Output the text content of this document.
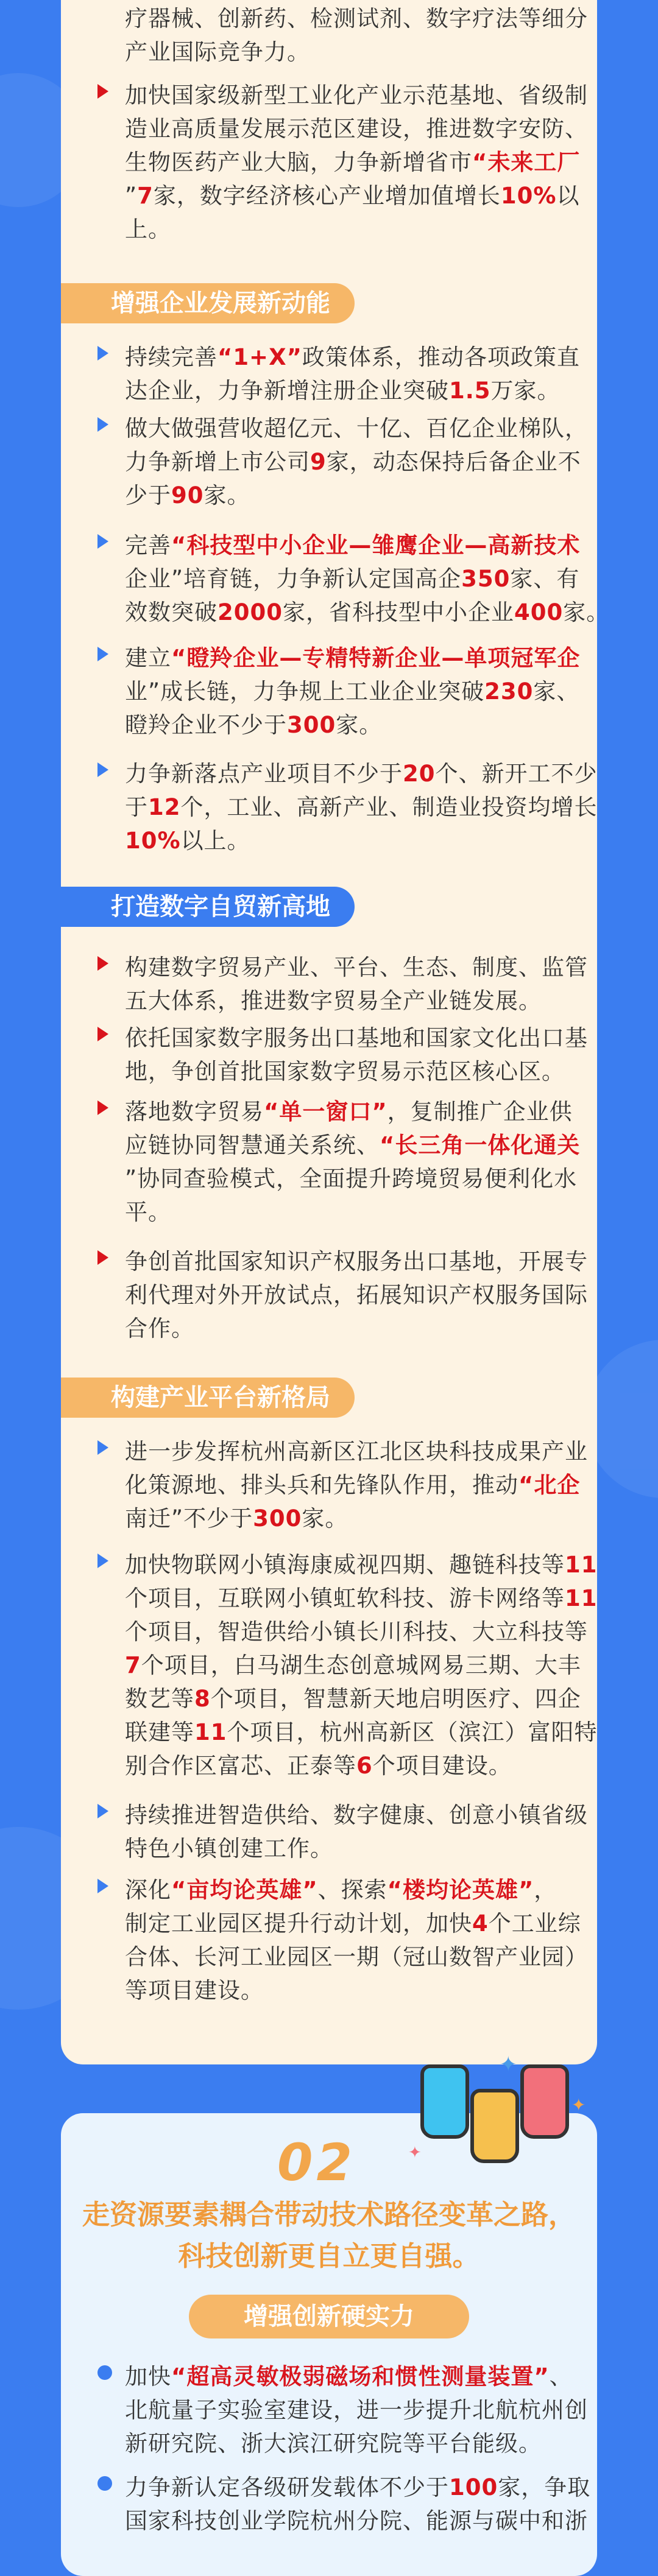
疗器械、创新药、检测试剂、数字疗法等细分
产业国际竞争力。
加快国家级新型工业化产业示范基地、省级制
造业高质量发展示范区建设，推进数字安防、
生物医药产业大脑，力争新增省市“未来工厂
”7家，数字经济核心产业增加值增长10%以
上。
增强企业发展新动能
持续完善“1+X”政策体系，推动各项政策直
达企业，力争新增注册企业突破1.5万家。
做大做强营收超亿元、十亿、百亿企业梯队，
力争新增上市公司9家，动态保持后备企业不
少于90家。
完善“科技型中小企业—雏鹰企业—高新技术
企业”培育链，力争新认定国高企350家、有
效数突破2000家，省科技型中小企业400家。
建立“瞪羚企业—专精特新企业—单项冠军企
业”成长链，力争规上工业企业突破230家、
瞪羚企业不少于300家。
力争新落点产业项目不少于20个、新开工不少
于12个，工业、高新产业、制造业投资均增长
10%以上。
打造数字自贸新高地
构建数字贸易产业、平台、生态、制度、监管
五大体系，推进数字贸易全产业链发展。
依托国家数字服务出口基地和国家文化出口基
地，争创首批国家数字贸易示范区核心区。
落地数字贸易“单一窗口”，复制推广企业供
应链协同智慧通关系统、“长三角一体化通关
”协同查验模式，全面提升跨境贸易便利化水
平。
争创首批国家知识产权服务出口基地，开展专
利代理对外开放试点，拓展知识产权服务国际
合作。
构建产业平台新格局
进一步发挥杭州高新区江北区块科技成果产业
化策源地、排头兵和先锋队作用，推动“北企
南迁”不少于300家。
加快物联网小镇海康威视四期、趣链科技等11
个项目，互联网小镇虹软科技、游卡网络等11
个项目，智造供给小镇长川科技、大立科技等
7个项目，白马湖生态创意城网易三期、大丰
数艺等8个项目，智慧新天地启明医疗、四企
联建等11个项目，杭州高新区（滨江）富阳特
别合作区富芯、正泰等6个项目建设。
持续推进智造供给、数字健康、创意小镇省级
特色小镇创建工作。
深化“亩均论英雄”、探索“楼均论英雄”，
制定工业园区提升行动计划，加快4个工业综
合体、长河工业园区一期（冠山数智产业园）
等项目建设。
✦
✦
✦
02
走资源要素耦合带动技术路径变革之路，
科技创新更自立更自强。
增强创新硬实力
加快“超高灵敏极弱磁场和惯性测量装置”、
北航量子实验室建设，进一步提升北航杭州创
新研究院、浙大滨江研究院等平台能级。
力争新认定各级研发载体不少于100家，争取
国家科技创业学院杭州分院、能源与碳中和浙
